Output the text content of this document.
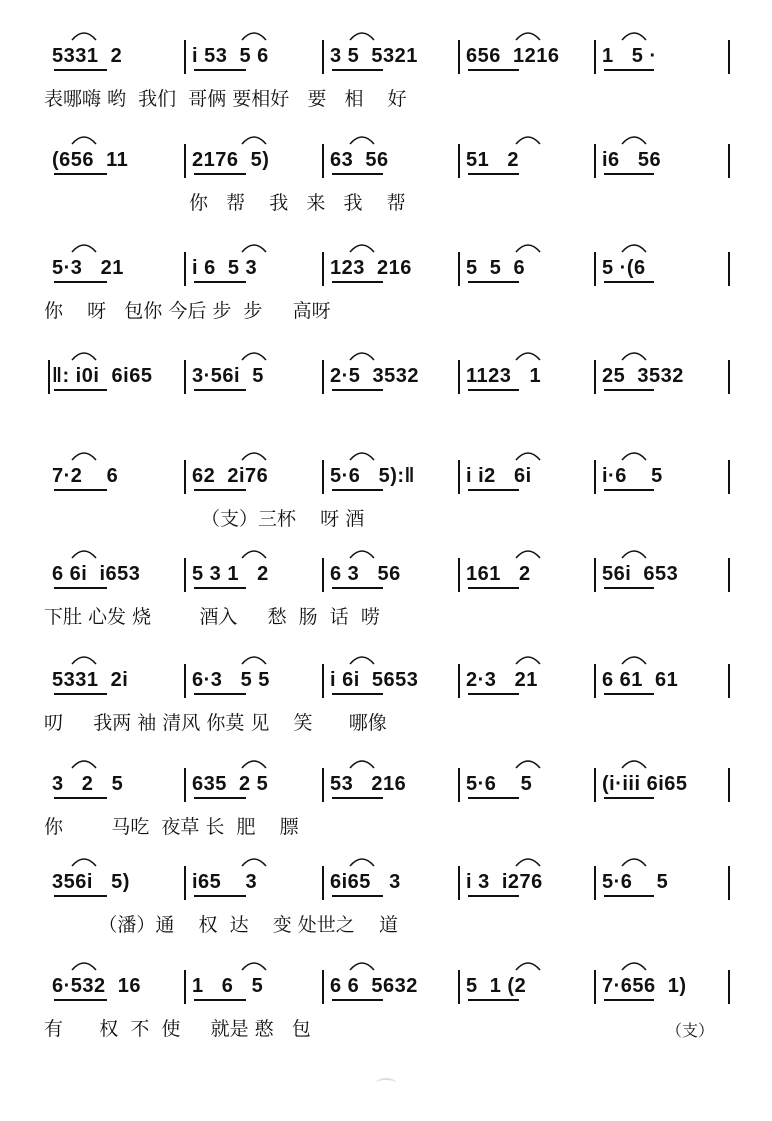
5331  2	i 53  5 6	3 5  5321	656  1216	1   5 ·
表哪嗨 哟  我们  哥俩 要相好   要   相    好
(656  11	2176  5)	63  56	51   2	i6   56
你   帮    我   来   我    帮
5·3   21	i 6  5 3	123  216	5  5  6	5 ·(6
你    呀   包你 今后 步  步     高呀
‖: i0i  6i65	3·56i  5	2·5  3532	1123   1	25  3532
7·2    6	62  2i76	5·6   5):‖	i i2   6i	i·6    5
（支）三杯    呀 酒
6 6i  i653	5 3 1   2	6 3   56	161   2	56i  653
下肚 心发 烧        酒入     愁  肠  话  唠
5331  2i	6·3   5 5	i 6i  5653	2·3   21	6 61  61
叨     我两 袖 清风 你莫 见    笑      哪像
3   2   5	635  2 5	53   216	5·6    5	(i·iii 6i65
你        马吃  夜草 长  肥    膘
356i   5)	i65    3	6i65   3	i 3  i276	5·6    5
（潘）通    权  达    变 处世之    道
6·532  16	1   6   5	6 6  5632	5  1 (2	7·656  1)
有      权  不  使     就是 憨   包	（支）
